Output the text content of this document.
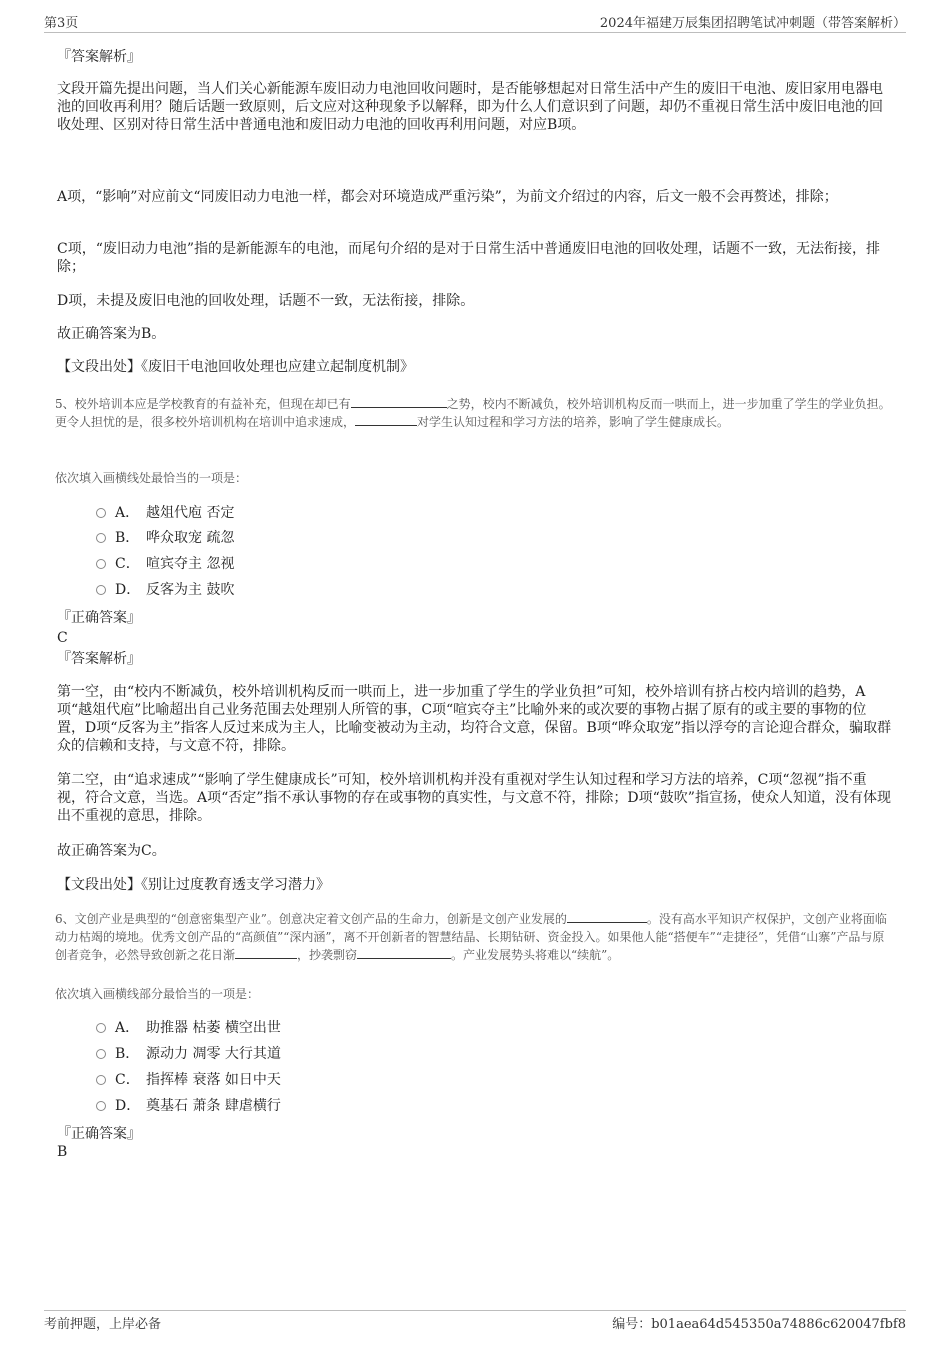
第3页	2024年福建万辰集团招聘笔试冲刺题（带答案解析）
『答案解析』
文段开篇先提出问题，当人们关心新能源车废旧动力电池回收问题时，是否能够想起对日常生活中产生的废旧干电池、废旧家用电器电池的回收再利用？随后话题一致原则，后文应对这种现象予以解释，即为什么人们意识到了问题，却仍不重视日常生活中废旧电池的回收处理、区别对待日常生活中普通电池和废旧动力电池的回收再利用问题，对应B项。
A项，“影响”对应前文“同废旧动力电池一样，都会对环境造成严重污染”，为前文介绍过的内容，后文一般不会再赘述，排除；
C项，“废旧动力电池”指的是新能源车的电池，而尾句介绍的是对于日常生活中普通废旧电池的回收处理，话题不一致，无法衔接，排除；
D项，未提及废旧电池的回收处理，话题不一致，无法衔接，排除。
故正确答案为B。
【文段出处】《废旧干电池回收处理也应建立起制度机制》
5、校外培训本应是学校教育的有益补充，但现在却已有	之势，校内不断减负，校外培训机构反而一哄而上，进一步加重了学生的学业负担。更令人担忧的是，很多校外培训机构在培训中追求速成，	对学生认知过程和学习方法的培养，影响了学生健康成长。
依次填入画横线处最恰当的一项是：
A． 越俎代庖 否定
B． 哗众取宠 疏忽
C． 喧宾夺主 忽视
D． 反客为主 鼓吹
『正确答案』
C
『答案解析』
第一空，由“校内不断减负，校外培训机构反而一哄而上，进一步加重了学生的学业负担”可知，校外培训有挤占校内培训的趋势，A项“越俎代庖”比喻超出自己业务范围去处理别人所管的事，C项“喧宾夺主”比喻外来的或次要的事物占据了原有的或主要的事物的位置，D项“反客为主”指客人反过来成为主人，比喻变被动为主动，均符合文意，保留。B项“哗众取宠”指以浮夸的言论迎合群众，骗取群众的信赖和支持，与文意不符，排除。
第二空，由“追求速成”“影响了学生健康成长”可知，校外培训机构并没有重视对学生认知过程和学习方法的培养，C项“忽视”指不重视，符合文意，当选。A项“否定”指不承认事物的存在或事物的真实性，与文意不符，排除；D项“鼓吹”指宣扬，使众人知道，没有体现出不重视的意思，排除。
故正确答案为C。
【文段出处】《别让过度教育透支学习潜力》
6、文创产业是典型的“创意密集型产业”。创意决定着文创产品的生命力，创新是文创产业发展的	。没有高水平知识产权保护，文创产业将面临动力枯竭的境地。优秀文创产品的“高颜值”“深内涵”，离不开创新者的智慧结晶、长期钻研、资金投入。如果他人能“搭便车”“走捷径”，凭借“山寨”产品与原创者竞争，必然导致创新之花日渐	，抄袭剽窃	。产业发展势头将难以“续航”。
依次填入画横线部分最恰当的一项是：
A． 助推器 枯萎 横空出世
B． 源动力 凋零 大行其道
C． 指挥棒 衰落 如日中天
D． 奠基石 萧条 肆虐横行
『正确答案』
B
考前押题，上岸必备	编号：b01aea64d545350a74886c620047fbf8
